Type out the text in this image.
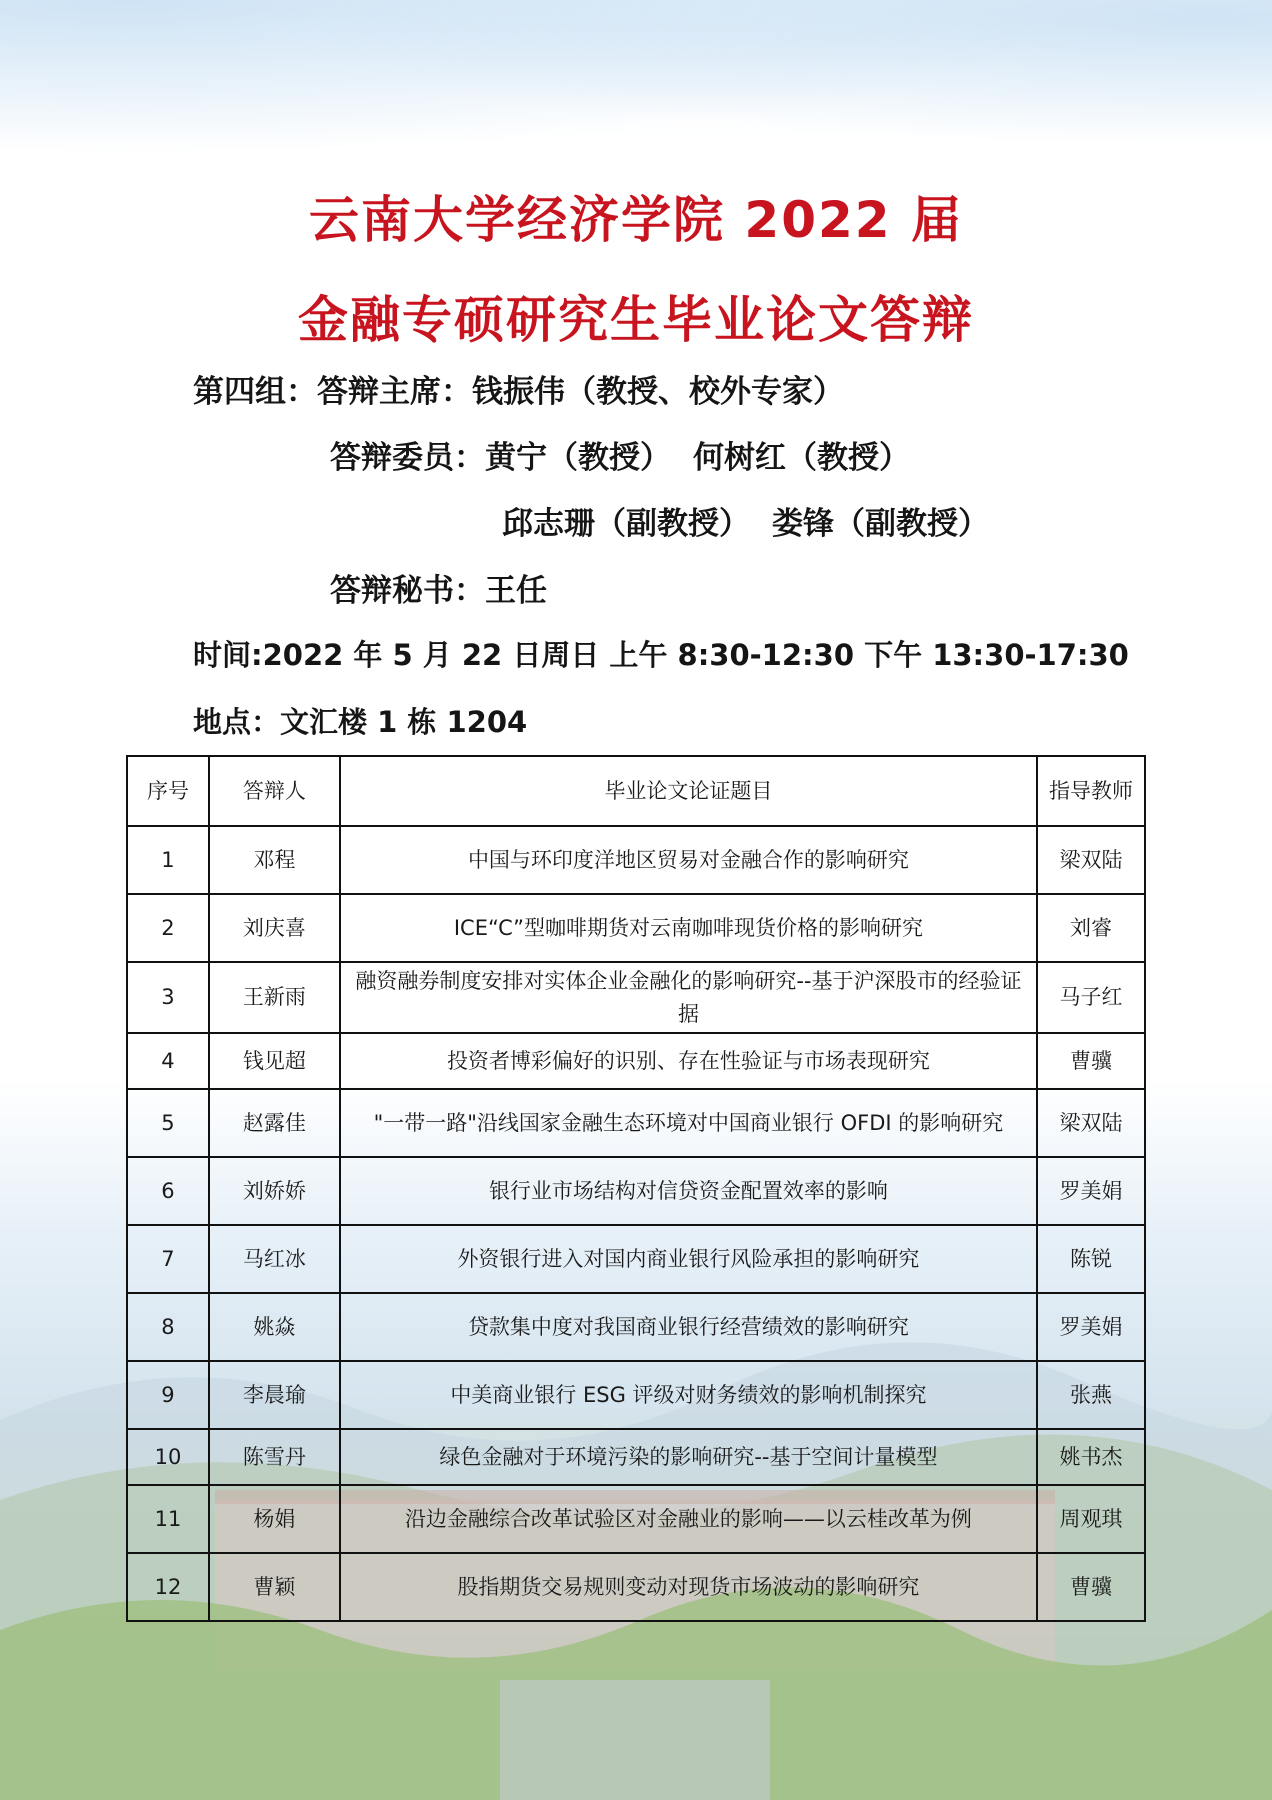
云南大学经济学院 2022 届
金融专硕研究生毕业论文答辩
第四组：答辩主席：钱振伟（教授、校外专家）
答辩委员：黄宁（教授） 何树红（教授）
邱志珊（副教授） 娄锋（副教授）
答辩秘书：王任
时间:2022 年 5 月 22 日周日 上午 8:30-12:30 下午 13:30-17:30
地点：文汇楼 1 栋 1204
序号	答辩人	毕业论文论证题目	指导教师
1	邓程	中国与环印度洋地区贸易对金融合作的影响研究	梁双陆
2	刘庆喜	ICE“C”型咖啡期货对云南咖啡现货价格的影响研究	刘睿
3	王新雨	融资融券制度安排对实体企业金融化的影响研究--基于沪深股市的经验证据	马子红
4	钱见超	投资者博彩偏好的识别、存在性验证与市场表现研究	曹骥
5	赵露佳	"一带一路"沿线国家金融生态环境对中国商业银行 OFDI 的影响研究	梁双陆
6	刘娇娇	银行业市场结构对信贷资金配置效率的影响	罗美娟
7	马红冰	外资银行进入对国内商业银行风险承担的影响研究	陈锐
8	姚焱	贷款集中度对我国商业银行经营绩效的影响研究	罗美娟
9	李晨瑜	中美商业银行 ESG 评级对财务绩效的影响机制探究	张燕
10	陈雪丹	绿色金融对于环境污染的影响研究--基于空间计量模型	姚书杰
11	杨娟	沿边金融综合改革试验区对金融业的影响——以云桂改革为例	周观琪
12	曹颖	股指期货交易规则变动对现货市场波动的影响研究	曹骥
